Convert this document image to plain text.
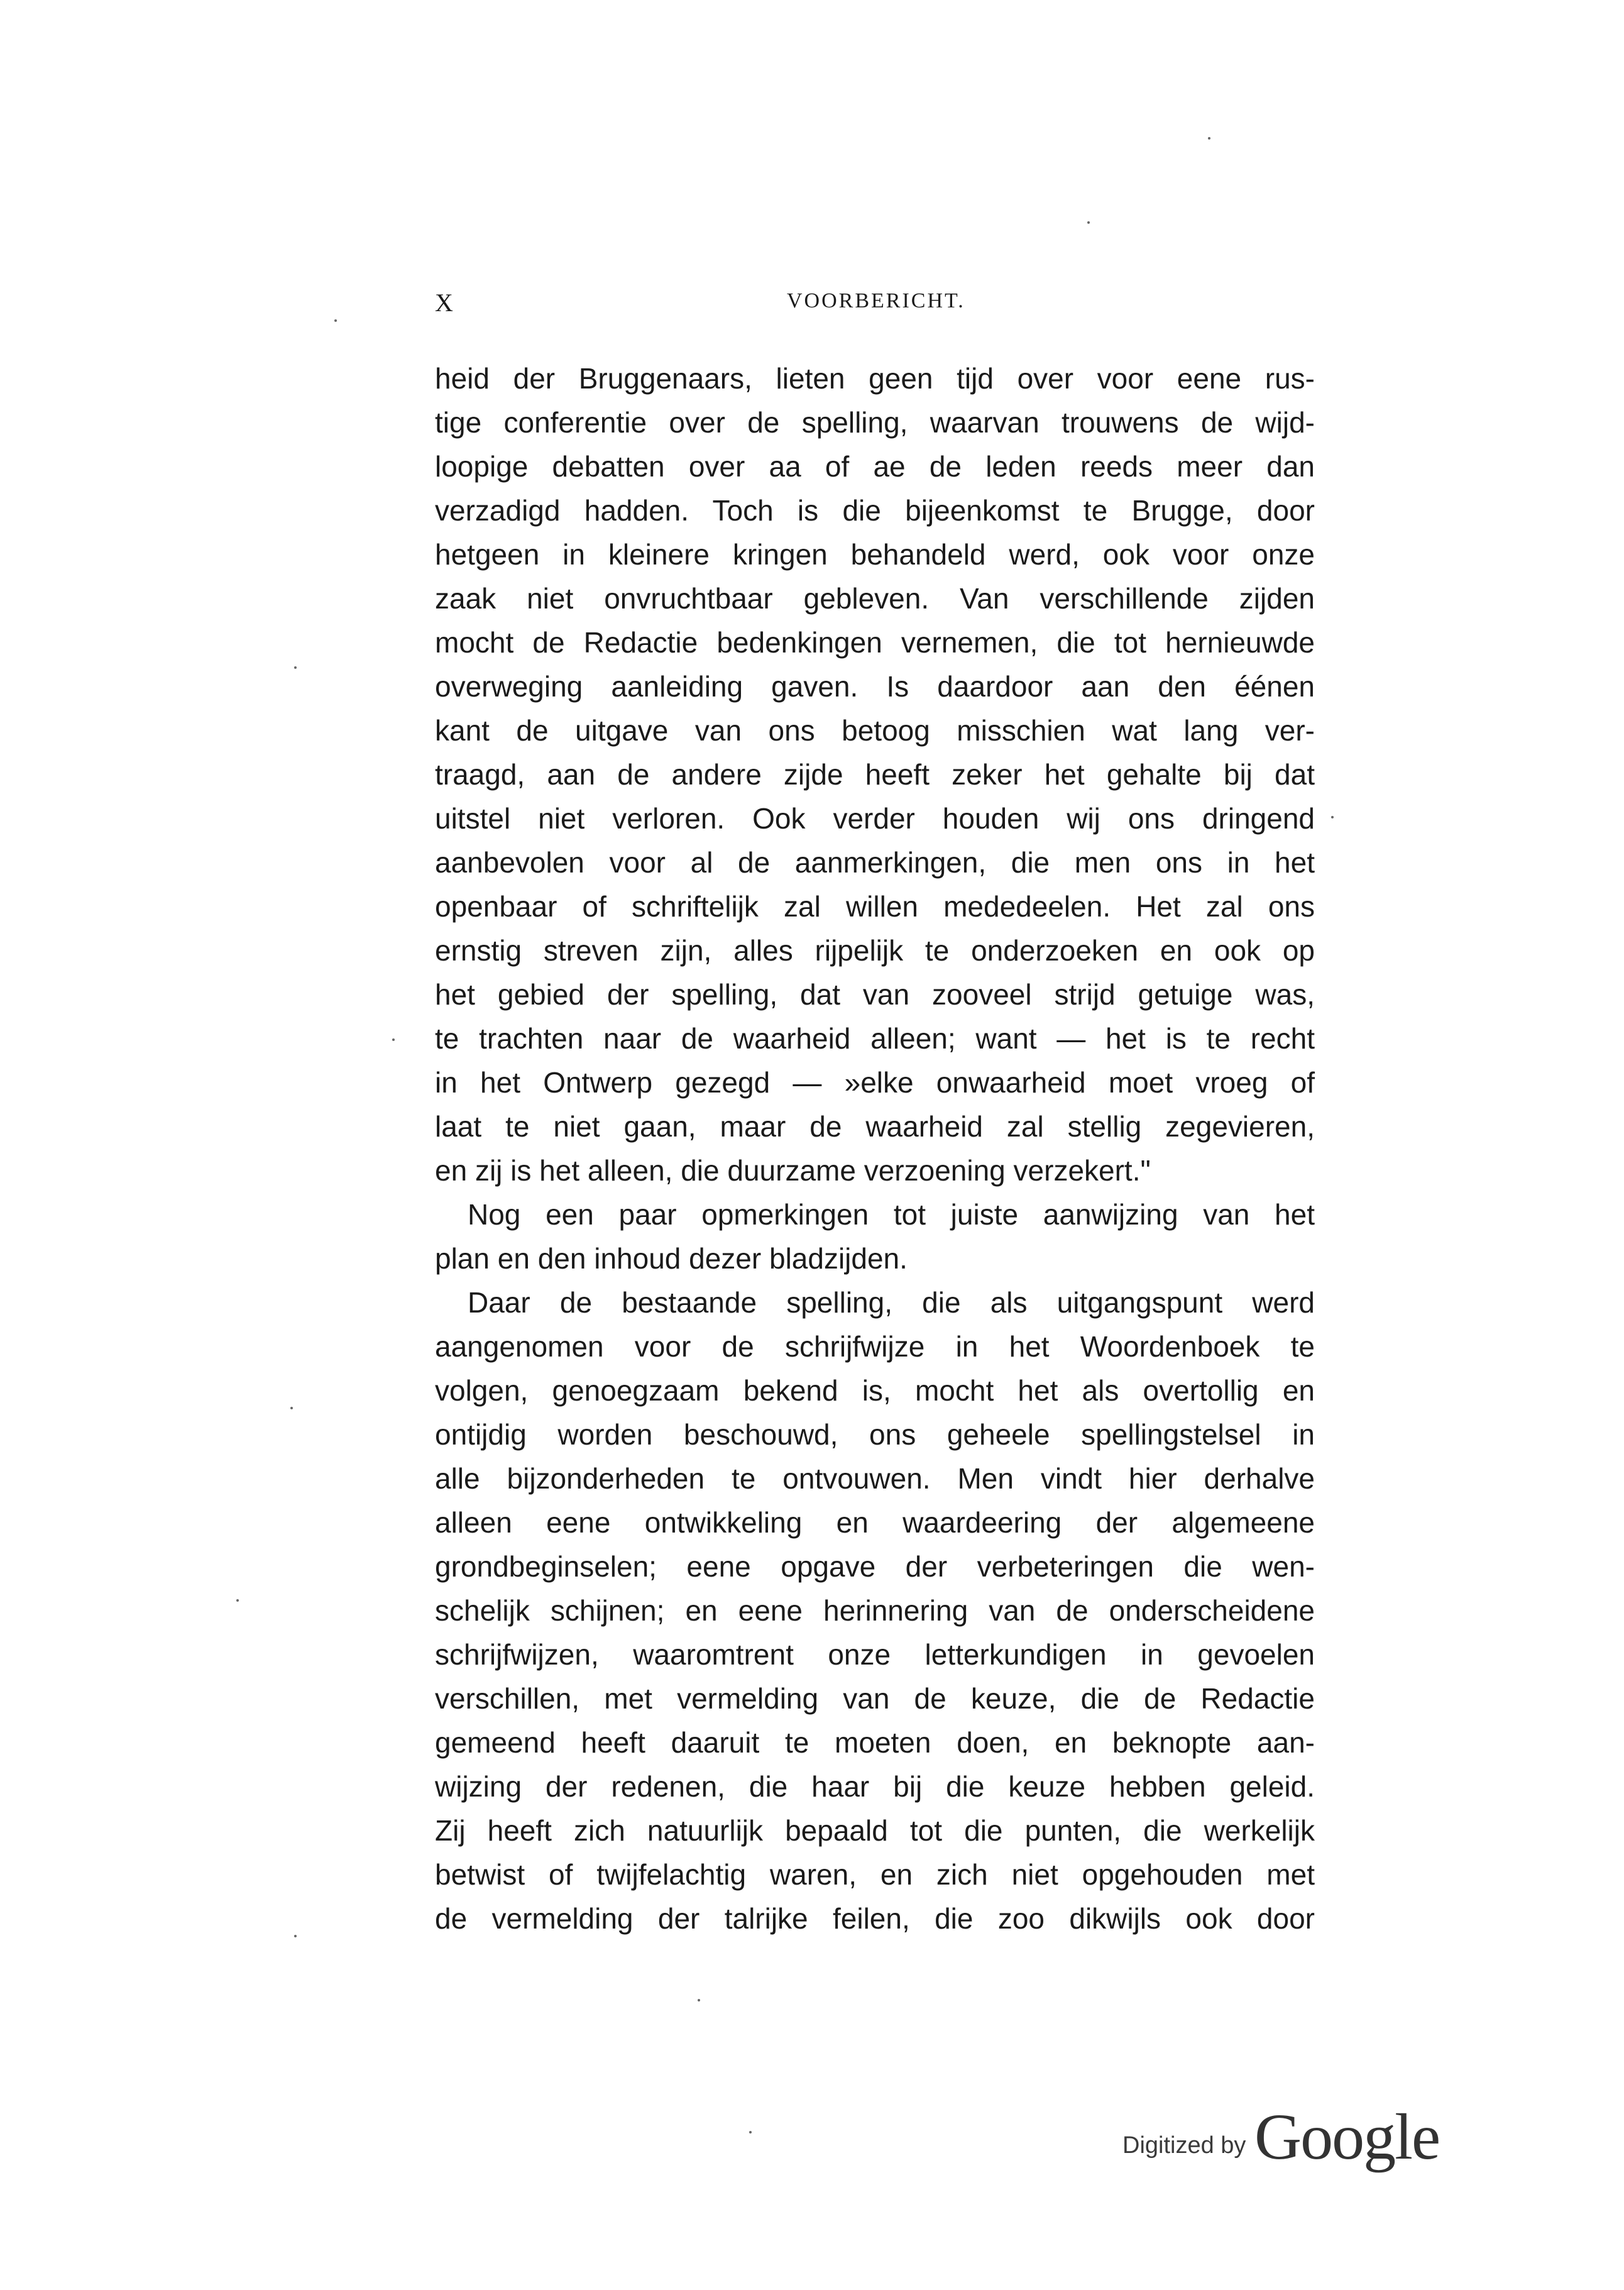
X	VOORBERICHT.
heid der Bruggenaars, lieten geen tijd over voor eene rus-
tige conferentie over de spelling, waarvan trouwens de wijd-
loopige debatten over aa of ae de leden reeds meer dan
verzadigd hadden. Toch is die bijeenkomst te Brugge, door
hetgeen in kleinere kringen behandeld werd, ook voor onze
zaak niet onvruchtbaar gebleven. Van verschillende zijden
mocht de Redactie bedenkingen vernemen, die tot hernieuwde
overweging aanleiding gaven. Is daardoor aan den éénen
kant de uitgave van ons betoog misschien wat lang ver-
traagd, aan de andere zijde heeft zeker het gehalte bij dat
uitstel niet verloren. Ook verder houden wij ons dringend
aanbevolen voor al de aanmerkingen, die men ons in het
openbaar of schriftelijk zal willen mededeelen. Het zal ons
ernstig streven zijn, alles rijpelijk te onderzoeken en ook op
het gebied der spelling, dat van zooveel strijd getuige was,
te trachten naar de waarheid alleen; want — het is te recht
in het Ontwerp gezegd — »elke onwaarheid moet vroeg of
laat te niet gaan, maar de waarheid zal stellig zegevieren,
en zij is het alleen, die duurzame verzoening verzekert."
Nog een paar opmerkingen tot juiste aanwijzing van het
plan en den inhoud dezer bladzijden.
Daar de bestaande spelling, die als uitgangspunt werd
aangenomen voor de schrijfwijze in het Woordenboek te
volgen, genoegzaam bekend is, mocht het als overtollig en
ontijdig worden beschouwd, ons geheele spellingstelsel in
alle bijzonderheden te ontvouwen. Men vindt hier derhalve
alleen eene ontwikkeling en waardeering der algemeene
grondbeginselen; eene opgave der verbeteringen die wen-
schelijk schijnen; en eene herinnering van de onderscheidene
schrijfwijzen, waaromtrent onze letterkundigen in gevoelen
verschillen, met vermelding van de keuze, die de Redactie
gemeend heeft daaruit te moeten doen, en beknopte aan-
wijzing der redenen, die haar bij die keuze hebben geleid.
Zij heeft zich natuurlijk bepaald tot die punten, die werkelijk
betwist of twijfelachtig waren, en zich niet opgehouden met
de vermelding der talrijke feilen, die zoo dikwijls ook door
Digitized by Google
